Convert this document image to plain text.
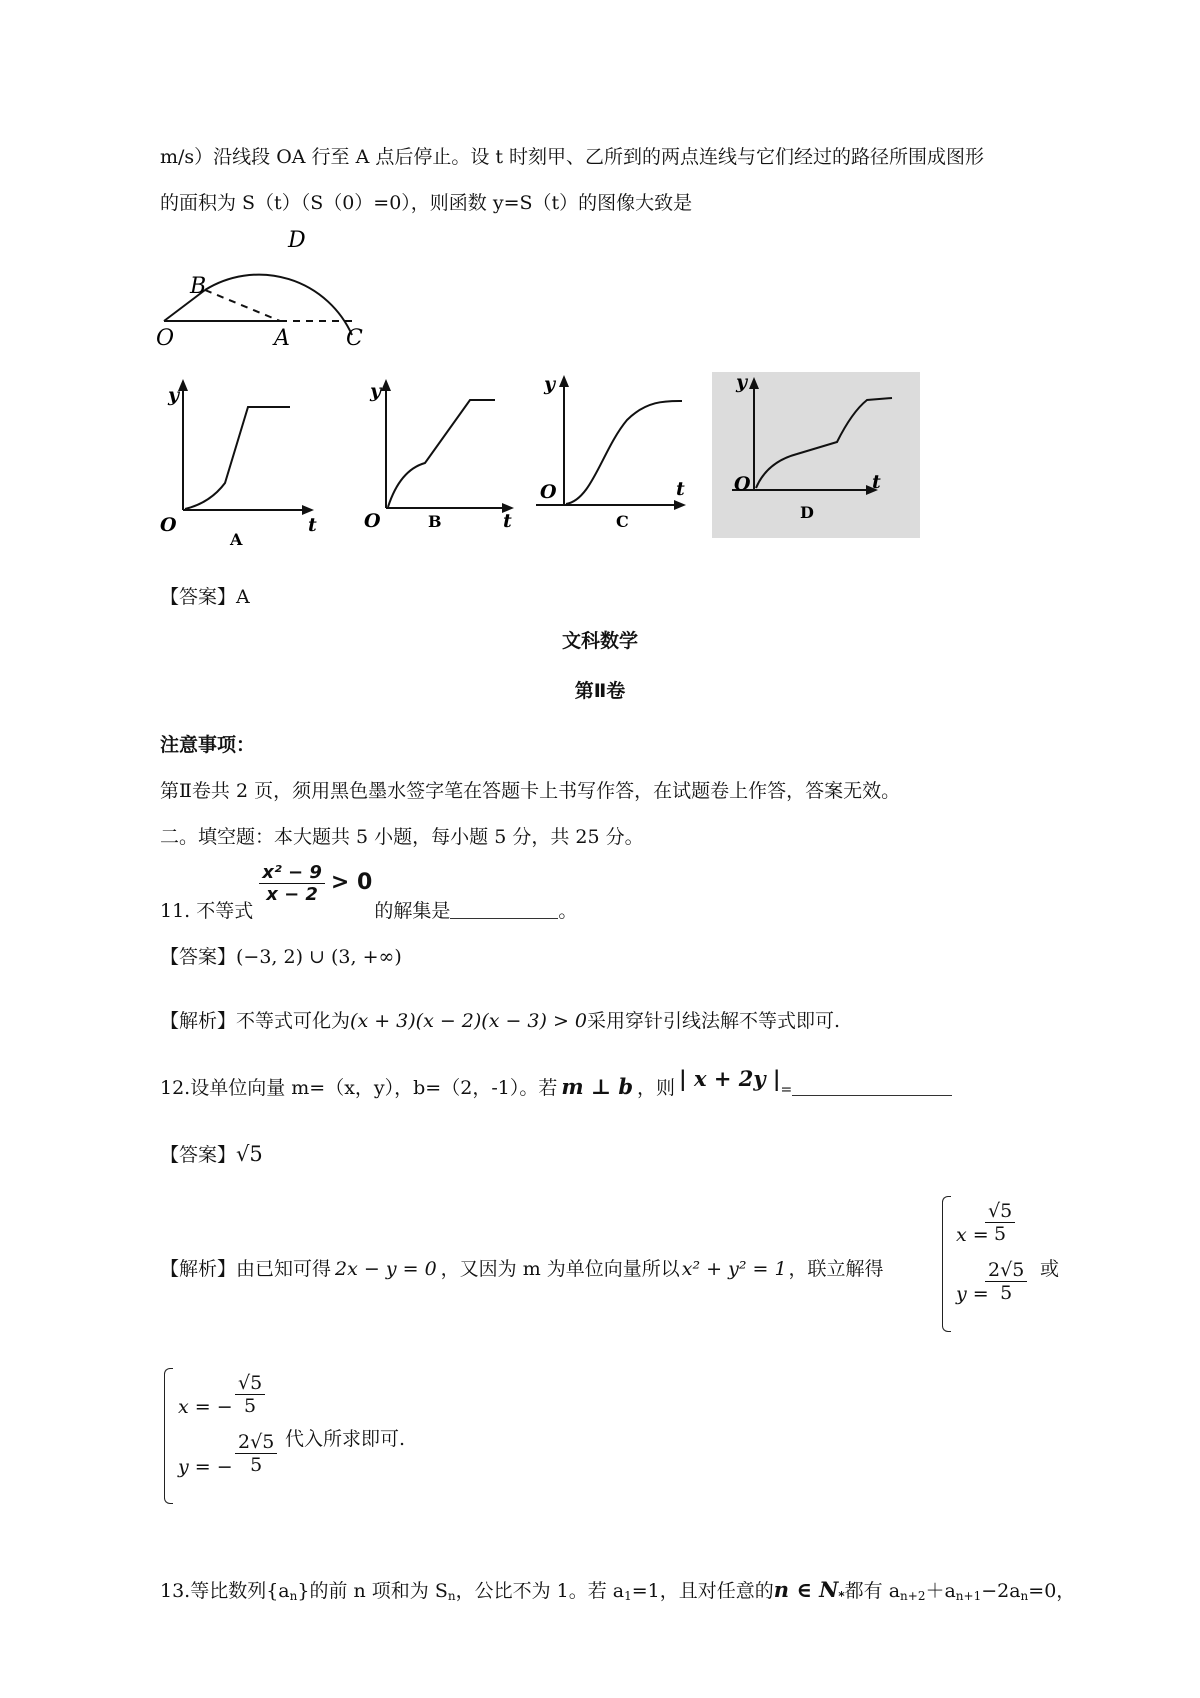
m/s）沿线段 OA 行至 A 点后停止。设 t 时刻甲、乙所到的两点连线与它们经过的路径所围成图形
的面积为 S（t）（S（0）=0），则函数 y=S（t）的图像大致是
O	A	C
B
D
y
O	t
A
y
O	t
B
y
O	t
C
y
O	t
D
【答案】A
文科数学
第Ⅱ卷
注意事项：
第Ⅱ卷共 2 页，须用黑色墨水签字笔在答题卡上书写作答，在试题卷上作答，答案无效。
二。填空题：本大题共 5 小题，每小题 5 分，共 25 分。
11. 不等式
$\frac{\text{x² − 9}}{x - 2} > 0$的解集是	。
【答案】(−3, 2) ∪ (3, +∞)
【解析】不等式可化为(x + 3)(x − 2)(x − 3) > 0采用穿针引线法解不等式即可.
12.设单位向量 m=（x，y），b=（2，-1）。若 m ⊥ b ，则 | x + 2y |=
【答案】√5
【解析】由已知可得 2x − y = 0 ，又因为 m 为单位向量所以 x² + y² = 1 ，联立解得
x =
$\frac{√5}{5}$
y =
$\frac{2√5}{5}$ 或
x = − $\frac{√5}{5}$
y = − $\frac{2√5}{5}$ 代入所求即可.
13.等比数列$\{a_n\}$的前 n 项和为 $S_n$，公比不为 1。若 $a_1=1$，且对任意的n ∈ $N_*$都有 $a_{n+2}+a_{n+1}-2a_n=0$，
